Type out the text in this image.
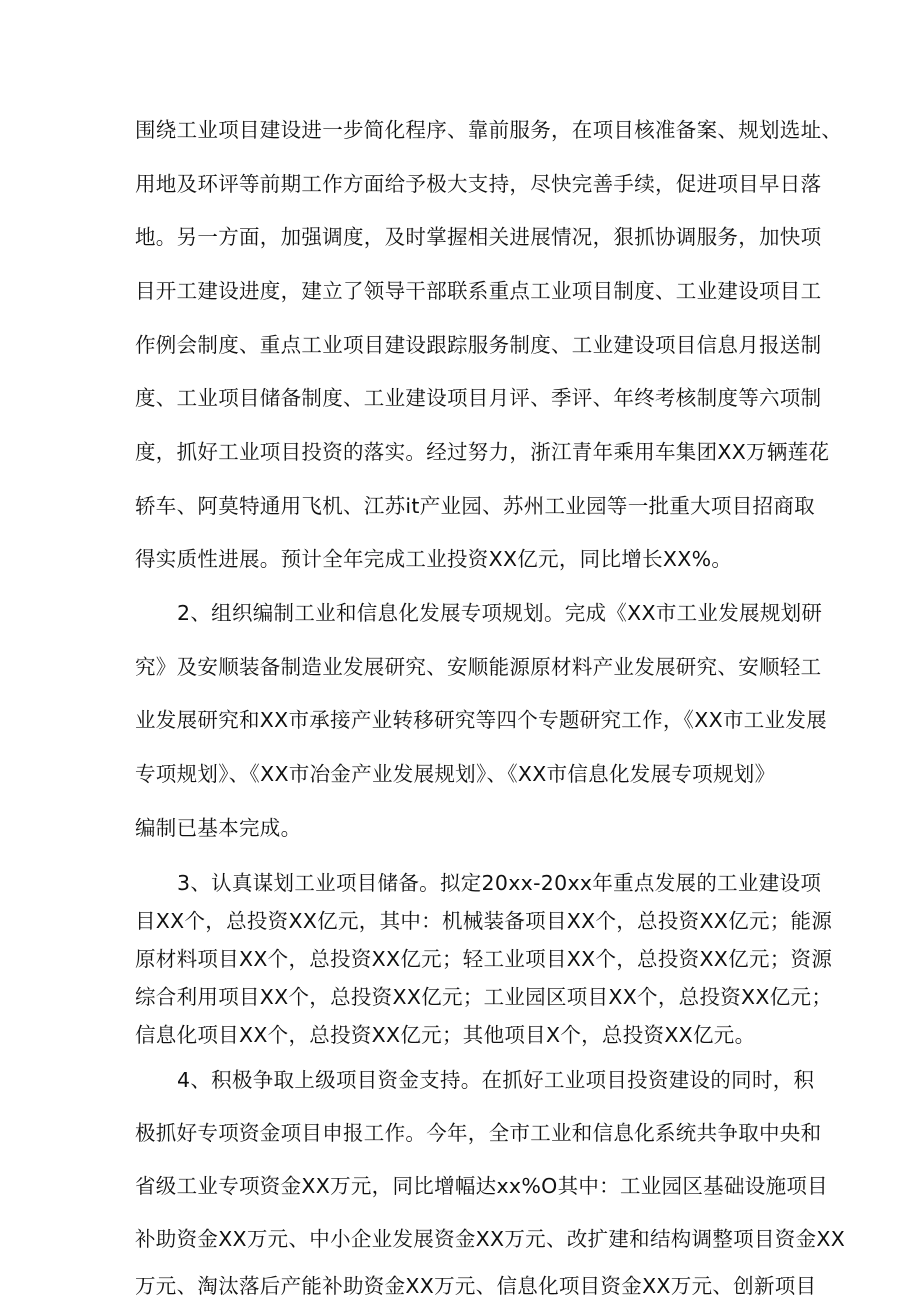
围绕工业项目建设进一步简化程序、靠前服务，在项目核准备案、规划选址、
用地及环评等前期工作方面给予极大支持，尽快完善手续，促进项目早日落
地。另一方面，加强调度，及时掌握相关进展情况，狠抓协调服务，加快项
目开工建设进度，建立了领导干部联系重点工业项目制度、工业建设项目工
作例会制度、重点工业项目建设跟踪服务制度、工业建设项目信息月报送制
度、工业项目储备制度、工业建设项目月评、季评、年终考核制度等六项制
度，抓好工业项目投资的落实。经过努力，浙江青年乘用车集团XX万辆莲花
轿车、阿莫特通用飞机、江苏it产业园、苏州工业园等一批重大项目招商取
得实质性进展。预计全年完成工业投资XX亿元，同比增长XX%。
2、组织编制工业和信息化发展专项规划。完成《XX市工业发展规划研
究》及安顺装备制造业发展研究、安顺能源原材料产业发展研究、安顺轻工
业发展研究和XX市承接产业转移研究等四个专题研究工作，《XX市工业发展
专项规划》、《XX市冶金产业发展规划》、《XX市信息化发展专项规划》
编制已基本完成。
3、认真谋划工业项目储备。拟定20xx-20xx年重点发展的工业建设项
目XX个，总投资XX亿元，其中：机械装备项目XX个，总投资XX亿元；能源
原材料项目XX个，总投资XX亿元；轻工业项目XX个，总投资XX亿元；资源
综合利用项目XX个，总投资XX亿元；工业园区项目XX个，总投资XX亿元；
信息化项目XX个，总投资XX亿元；其他项目X个，总投资XX亿元。
4、积极争取上级项目资金支持。在抓好工业项目投资建设的同时，积
极抓好专项资金项目申报工作。今年，全市工业和信息化系统共争取中央和
省级工业专项资金XX万元，同比增幅达xx%O其中：工业园区基础设施项目
补助资金XX万元、中小企业发展资金XX万元、改扩建和结构调整项目资金XX
万元、淘汰落后产能补助资金XX万元、信息化项目资金XX万元、创新项目
